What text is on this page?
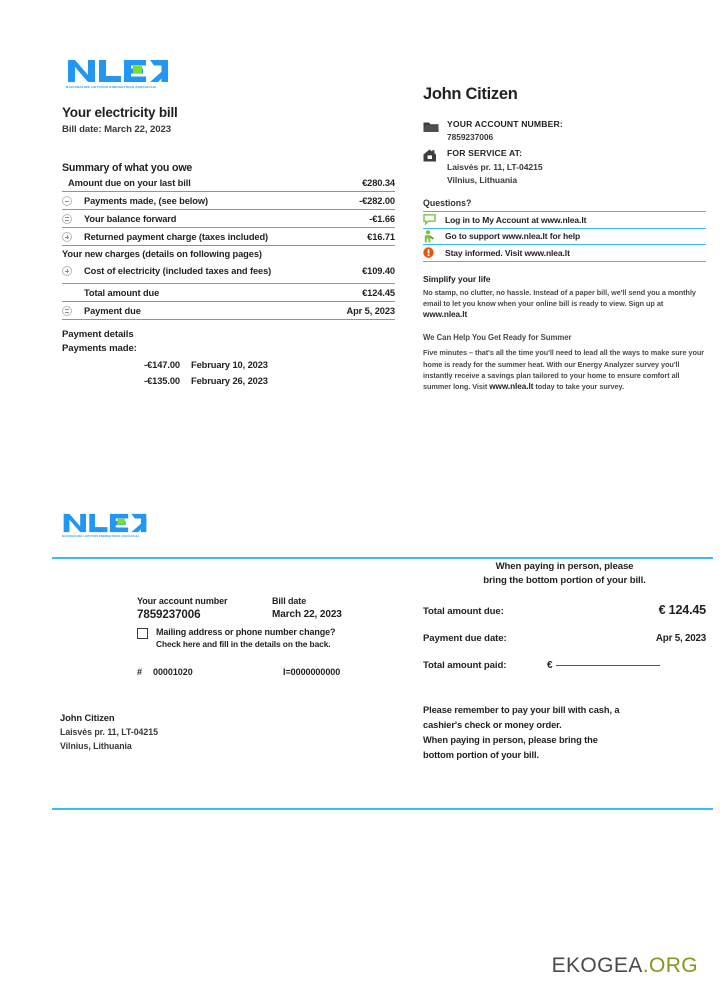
NACIONALINĖ LIETUVOS ENERGETIKOS ASOCIACIJA
Your electricity bill
Bill date: March 22, 2023
Summary of what you owe
Amount due on your last bill	€280.34
Payments made, (see below)	-€282.00
Your balance forward	-€1.66
Returned payment charge (taxes included)	€16.71
Your new charges (details on following pages)
Cost of electricity (included taxes and fees)	€109.40
Total amount due	€124.45
Payment due	Apr 5, 2023
Payment details
Payments made:
-€147.00 February 10, 2023
-€135.00 February 26, 2023
John Citizen
YOUR ACCOUNT NUMBER:
7859237006
FOR SERVICE AT:
Laisvės pr. 11, LT-04215
Vilnius, Lithuania
Questions?
Log in to My Account at www.nlea.lt
Go to support www.nlea.lt for help
Stay informed. Visit www.nlea.lt
Simplify your life
No stamp, no clutter, no hassle. Instead of a paper bill, we'll send you a monthly email to let you know when your online bill is ready to view. Sign up at www.nlea.lt
We Can Help You Get Ready for Summer
Five minutes – that's all the time you'll need to lead all the ways to make sure your home is ready for the summer heat. With our Energy Analyzer survey you'll instantly receive a savings plan tailored to your home to ensure comfort all summer long. Visit www.nlea.lt today to take your survey.
NACIONALINĖ LIETUVOS ENERGETIKOS ASOCIACIJA
Your account number
7859237006
Bill date
March 22, 2023
Mailing address or phone number change?
Check here and fill in the details on the back.
#	00001020	I=0000000000
John Citizen
Laisvės pr. 11, LT-04215
Vilnius, Lithuania
When paying in person, please
bring the bottom portion of your bill.
Total amount due:	€ 124.45
Payment due date:	Apr 5, 2023
Total amount paid:	€
Please remember to pay your bill with cash, a
cashier's check or money order.
When paying in person, please bring the
bottom portion of your bill.
EKOGEA.ORG
